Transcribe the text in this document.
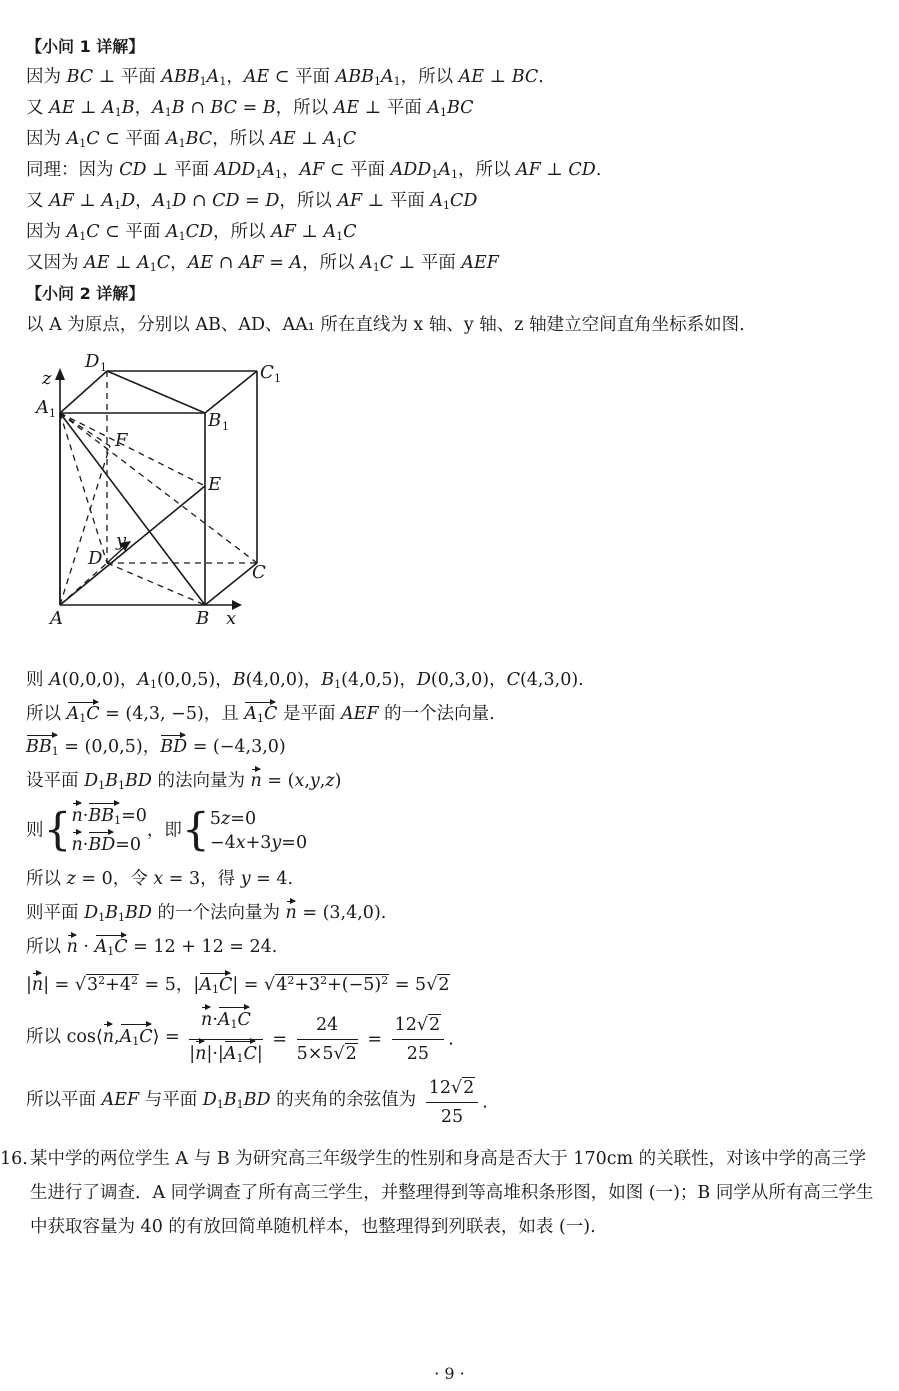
【小问 1 详解】
因为 BC ⊥ 平面 $ABB_1A_1$，AE ⊂ 平面 $ABB_1A_1$，所以 AE ⊥ BC.
又 AE ⊥ $A_1B$，$A_1B$ ∩ BC = B，所以 AE ⊥ 平面 $A_1BC$
因为 $A_1C$ ⊂ 平面 $A_1BC$，所以 AE ⊥ $A_1C$
同理：因为 CD ⊥ 平面 $ADD_1A_1$，AF ⊂ 平面 $ADD_1A_1$，所以 AF ⊥ CD.
又 AF ⊥ $A_1D$，$A_1D$ ∩ CD = D，所以 AF ⊥ 平面 $A_1CD$
因为 $A_1C$ ⊂ 平面 $A_1CD$，所以 AF ⊥ $A_1C$
又因为 AE ⊥ $A_1C$，AE ∩ AF = A，所以 $A_1C$ ⊥ 平面 AEF
【小问 2 详解】
以 A 为原点，分别以 AB、AD、AA₁ 所在直线为 x 轴、y 轴、z 轴建立空间直角坐标系如图.
D 1	C 1
A 1	B 1
z
F
E
D
y
C
A	B x
则 A(0,0,0)，$A_1(0,0,5)$，B(4,0,0)，$B_1(4,0,5)$，D(0,3,0)，C(4,3,0).
所以 $A_1C = (4,3$, −5)，且 $A_1C$ 是平面 AEF 的一个法向量.
$BB_1 = (0,0,5)$，BD = (−4,3,0)
设平面 $D_1B_1BD$ 的法向量为 n = (x,y,z)
则{ $n\cdot BB_1=0$
n·BD=0
，即{ 5z=0
−4x+3y=0
所以 z = 0，令 x = 3，得 y = 4.
则平面 $D_1B_1BD$ 的一个法向量为 n = (3,4,0).
所以 $n \cdot A_1C = 12 + 12 = 24$.
$|n| = √3^2+4^2 = 5$，$|A_1C| = √4^2+3^2+(-5)^2 = 5√2$
所以 $\cos⟨n,A_1C⟩ = \frac{n\cdot A_1C}{|n|\cdot|A_1C|} = \frac{24}{5\times 5√2} = \frac{12√2}{25}$ .
所以平面 AEF 与平面 $D_1B_1BD$ 的夹角的余弦值为 $\frac{12√2}{25}$ .
16. 某中学的两位学生 A 与 B 为研究高三年级学生的性别和身高是否大于 170cm 的关联性，对该中学的高三学生进行了调查．A 同学调查了所有高三学生，并整理得到等高堆积条形图，如图 (一)；B 同学从所有高三学生中获取容量为 40 的有放回简单随机样本，也整理得到列联表，如表 (一).
· 9 ·
